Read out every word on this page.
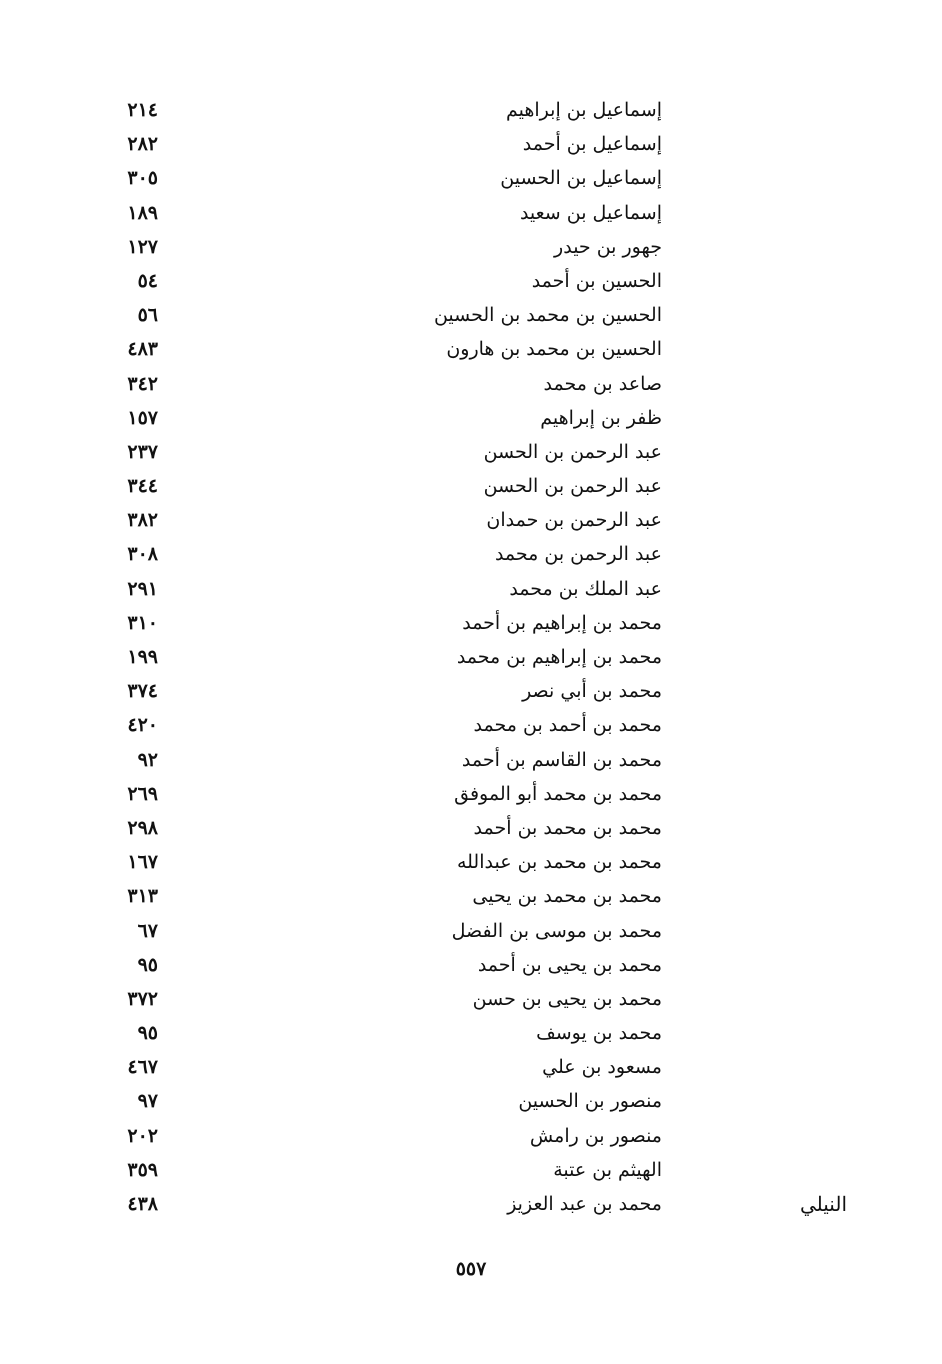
إسماعيل بن إبراهيم
٢١٤
إسماعيل بن أحمد
٢٨٢
إسماعيل بن الحسين
٣٠٥
إسماعيل بن سعيد
١٨٩
جهور بن حيدر
١٢٧
الحسين بن أحمد
٥٤
الحسين بن محمد بن الحسين
٥٦
الحسين بن محمد بن هارون
٤٨٣
صاعد بن محمد
٣٤٢
ظفر بن إبراهيم
١٥٧
عبد الرحمن بن الحسن
٢٣٧
عبد الرحمن بن الحسن
٣٤٤
عبد الرحمن بن حمدان
٣٨٢
عبد الرحمن بن محمد
٣٠٨
عبد الملك بن محمد
٢٩١
محمد بن إبراهيم بن أحمد
٣١٠
محمد بن إبراهيم بن محمد
١٩٩
محمد بن أبي نصر
٣٧٤
محمد بن أحمد بن محمد
٤٢٠
محمد بن القاسم بن أحمد
٩٢
محمد بن محمد أبو الموفق
٢٦٩
محمد بن محمد بن أحمد
٢٩٨
محمد بن محمد بن عبدالله
١٦٧
محمد بن محمد بن يحيى
٣١٣
محمد بن موسى بن الفضل
٦٧
محمد بن يحيى بن أحمد
٩٥
محمد بن يحيى بن حسن
٣٧٢
محمد بن يوسف
٩٥
مسعود بن علي
٤٦٧
منصور بن الحسين
٩٧
منصور بن رامش
٢٠٢
الهيثم بن عتبة
٣٥٩
النيلي
محمد بن عبد العزيز
٤٣٨
٥٥٧
